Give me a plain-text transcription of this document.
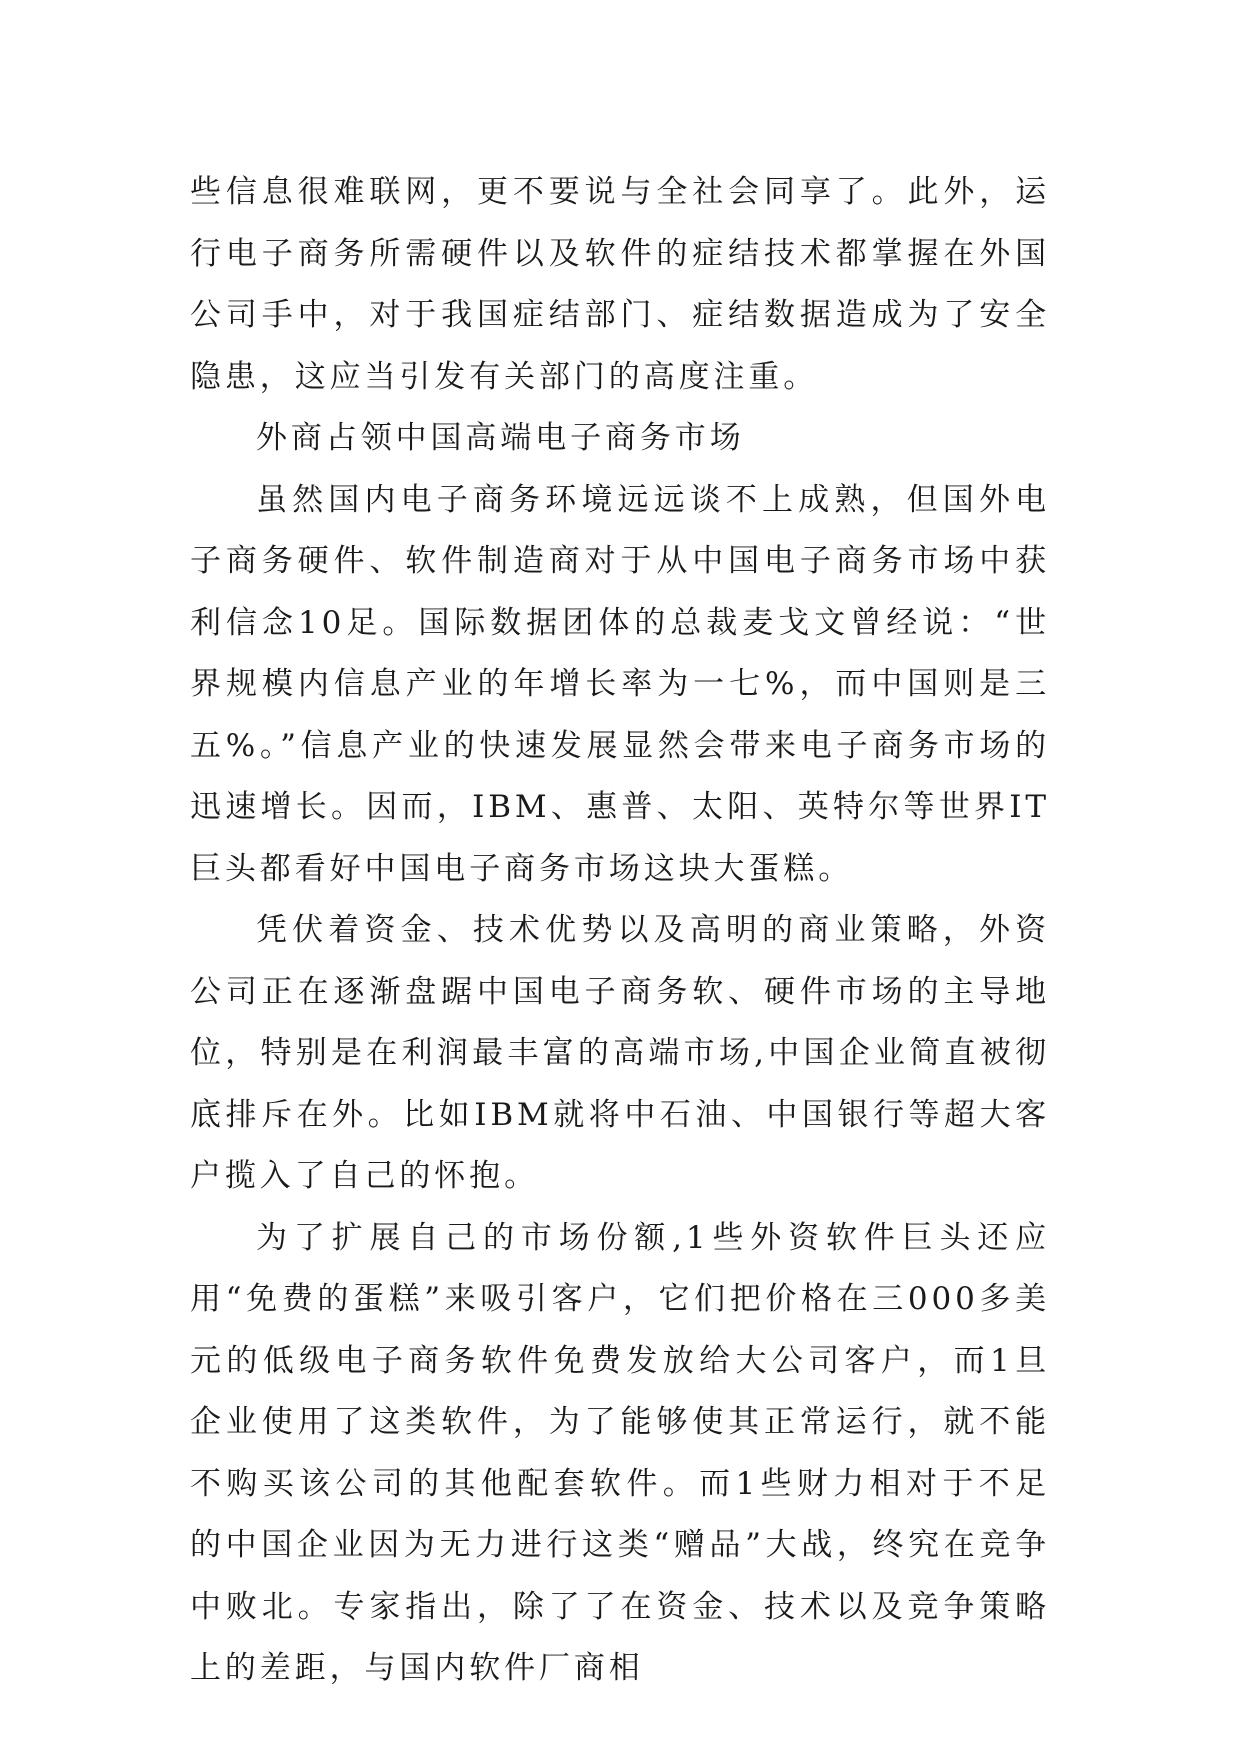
些信息很难联网，更不要说与全社会同享了。此外，运行电子商务所需硬件以及软件的症结技术都掌握在外国公司手中，对于我国症结部门、症结数据造成为了安全隐患，这应当引发有关部门的高度注重。

外商占领中国高端电子商务市场

虽然国内电子商务环境远远谈不上成熟，但国外电子商务硬件、软件制造商对于从中国电子商务市场中获利信念10足。国际数据团体的总裁麦戈文曾经说：“世界规模内信息产业的年增长率为一七%，而中国则是三五%。”信息产业的快速发展显然会带来电子商务市场的迅速增长。因而，IBM、惠普、太阳、英特尔等世界IT巨头都看好中国电子商务市场这块大蛋糕。

凭伏着资金、技术优势以及高明的商业策略，外资公司正在逐渐盘踞中国电子商务软、硬件市场的主导地位，特别是在利润最丰富的高端市场,中国企业简直被彻底排斥在外。比如IBM就将中石油、中国银行等超大客户揽入了自己的怀抱。

为了扩展自己的市场份额,1些外资软件巨头还应用“免费的蛋糕”来吸引客户，它们把价格在三000多美元的低级电子商务软件免费发放给大公司客户，而1旦企业使用了这类软件，为了能够使其正常运行，就不能不购买该公司的其他配套软件。而1些财力相对于不足的中国企业因为无力进行这类“赠品”大战，终究在竞争中败北。专家指出，除了了在资金、技术以及竞争策略上的差距，与国内软件厂商相
